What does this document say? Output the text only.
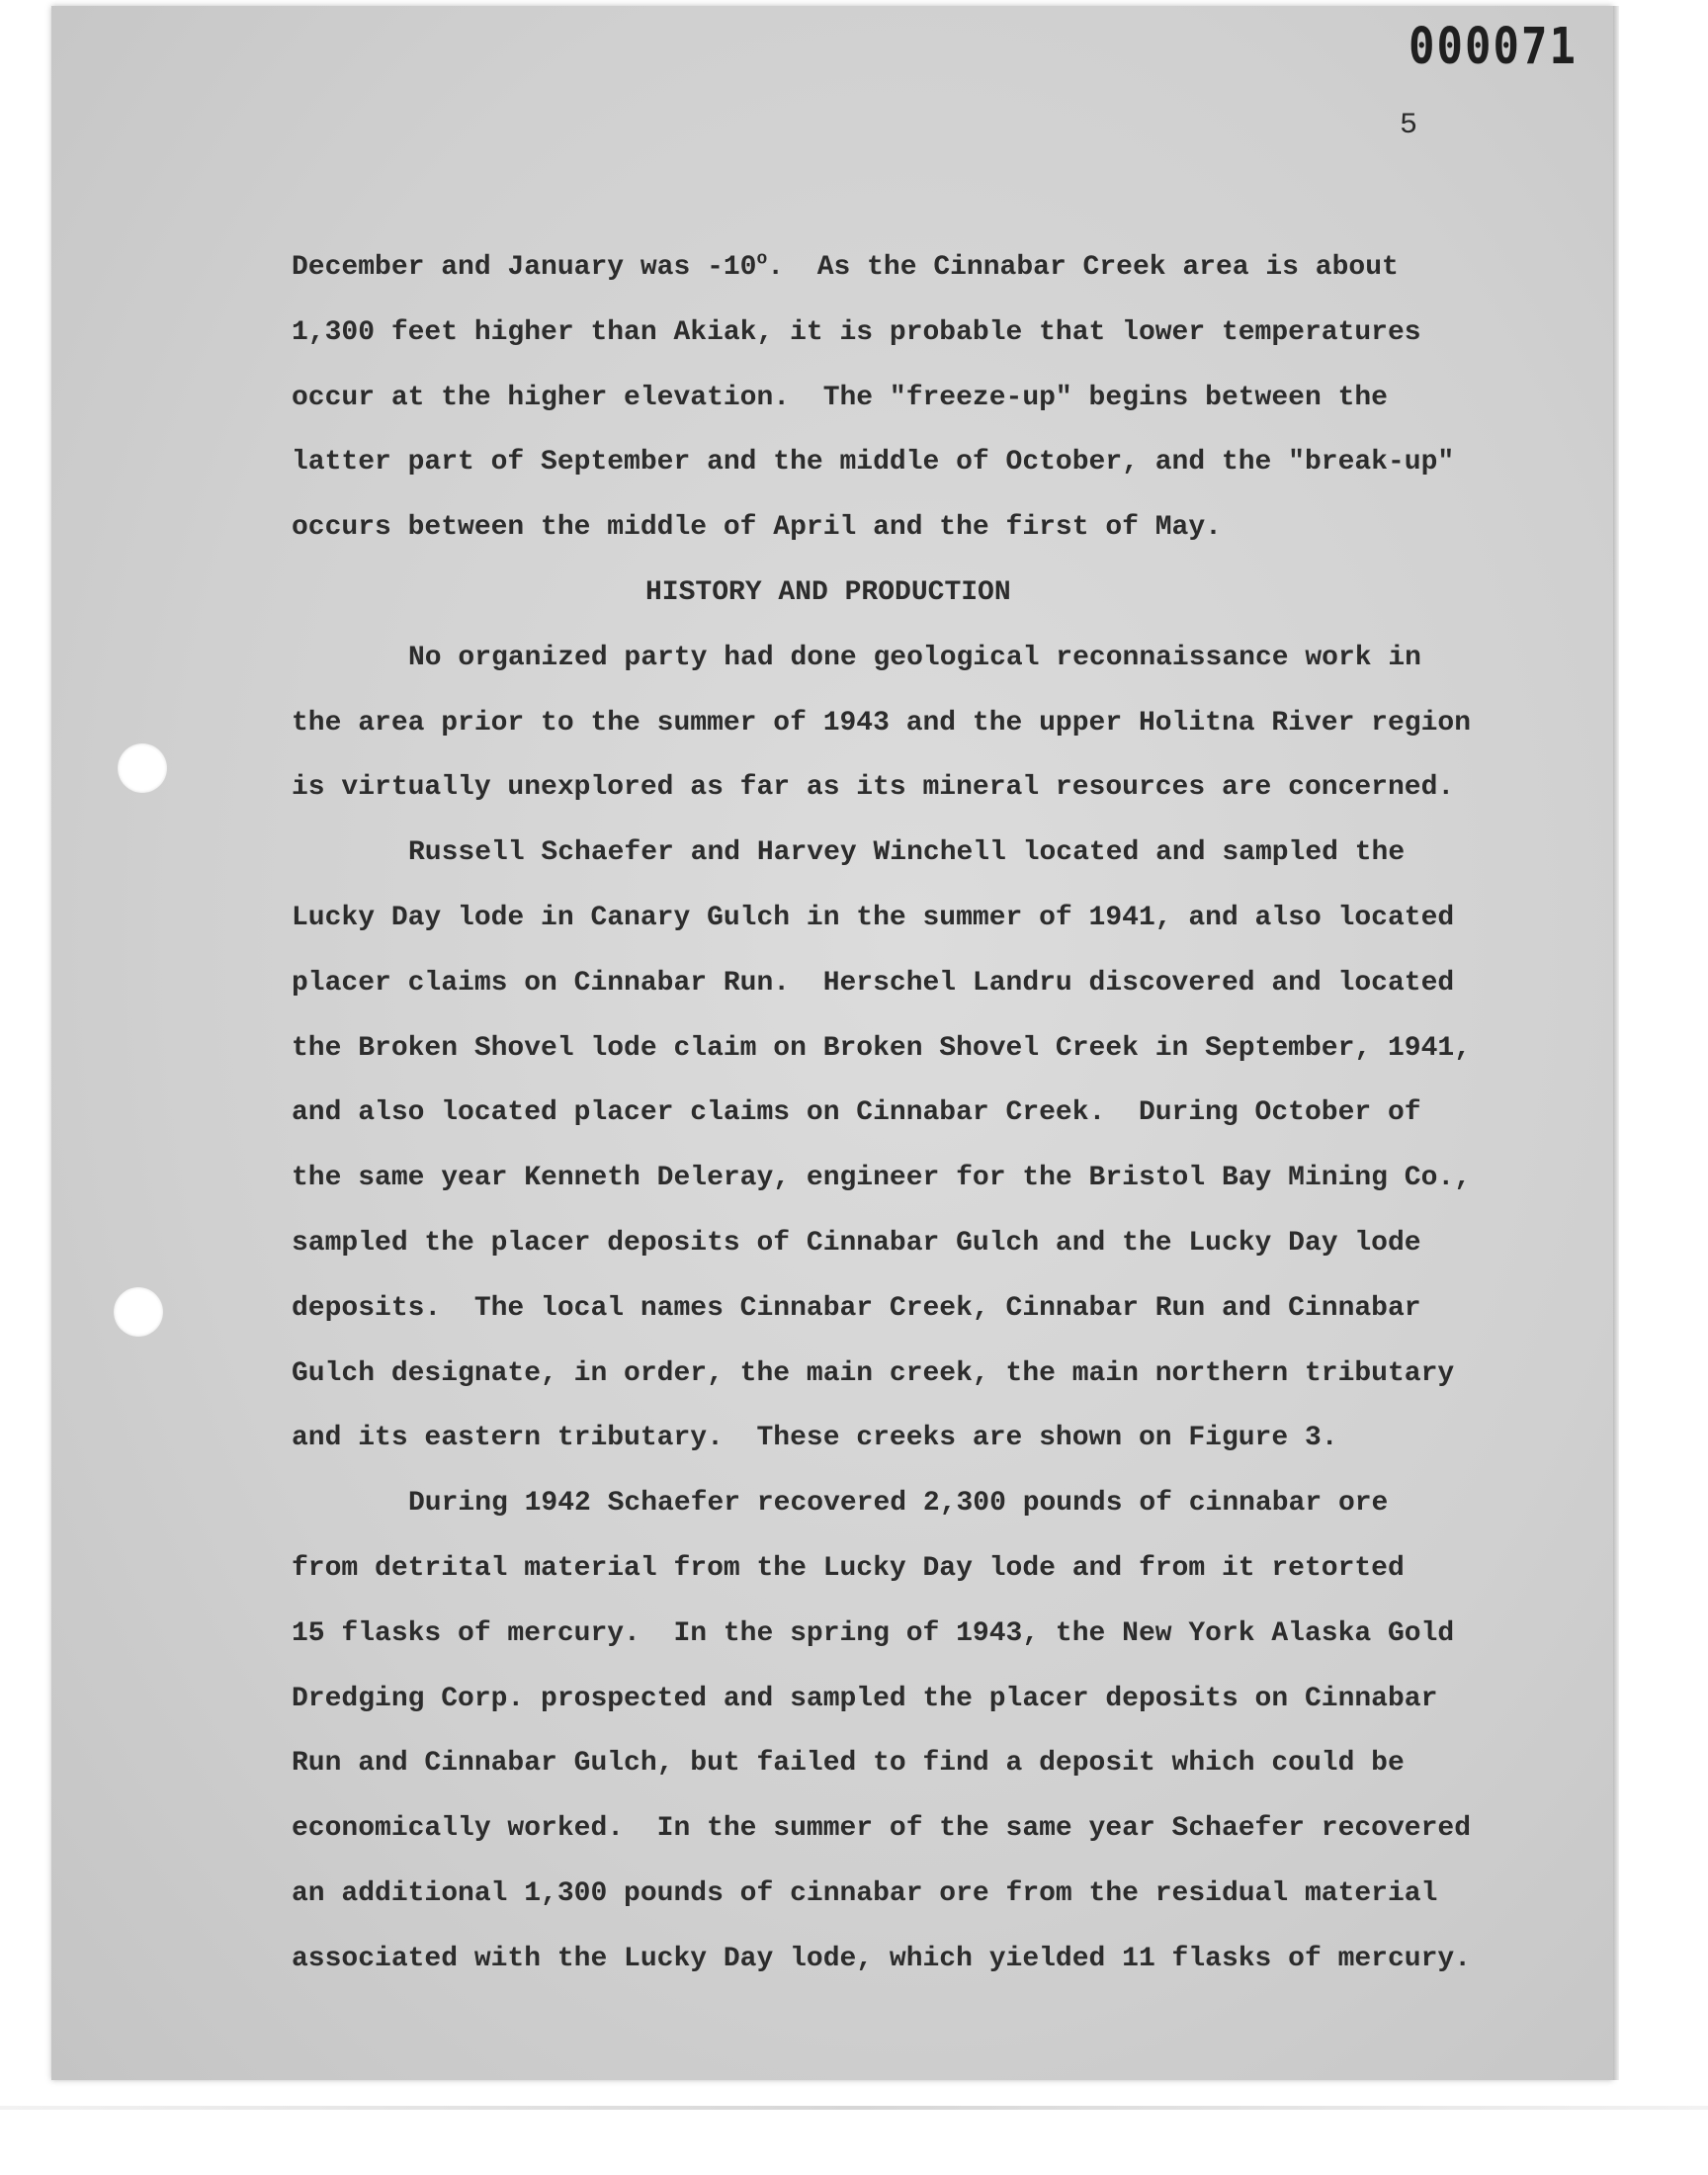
000071
5
December and January was -10$^o$.  As the Cinnabar Creek area is about
1,300 feet higher than Akiak, it is probable that lower temperatures
occur at the higher elevation.  The "freeze-up" begins between the
latter part of September and the middle of October, and the "break-up"
occurs between the middle of April and the first of May.
HISTORY AND PRODUCTION
No organized party had done geological reconnaissance work in
the area prior to the summer of 1943 and the upper Holitna River region
is virtually unexplored as far as its mineral resources are concerned.
Russell Schaefer and Harvey Winchell located and sampled the
Lucky Day lode in Canary Gulch in the summer of 1941, and also located
placer claims on Cinnabar Run.  Herschel Landru discovered and located
the Broken Shovel lode claim on Broken Shovel Creek in September, 1941,
and also located placer claims on Cinnabar Creek.  During October of
the same year Kenneth Deleray, engineer for the Bristol Bay Mining Co.,
sampled the placer deposits of Cinnabar Gulch and the Lucky Day lode
deposits.  The local names Cinnabar Creek, Cinnabar Run and Cinnabar
Gulch designate, in order, the main creek, the main northern tributary
and its eastern tributary.  These creeks are shown on Figure 3.
During 1942 Schaefer recovered 2,300 pounds of cinnabar ore
from detrital material from the Lucky Day lode and from it retorted
15 flasks of mercury.  In the spring of 1943, the New York Alaska Gold
Dredging Corp. prospected and sampled the placer deposits on Cinnabar
Run and Cinnabar Gulch, but failed to find a deposit which could be
economically worked.  In the summer of the same year Schaefer recovered
an additional 1,300 pounds of cinnabar ore from the residual material
associated with the Lucky Day lode, which yielded 11 flasks of mercury.
